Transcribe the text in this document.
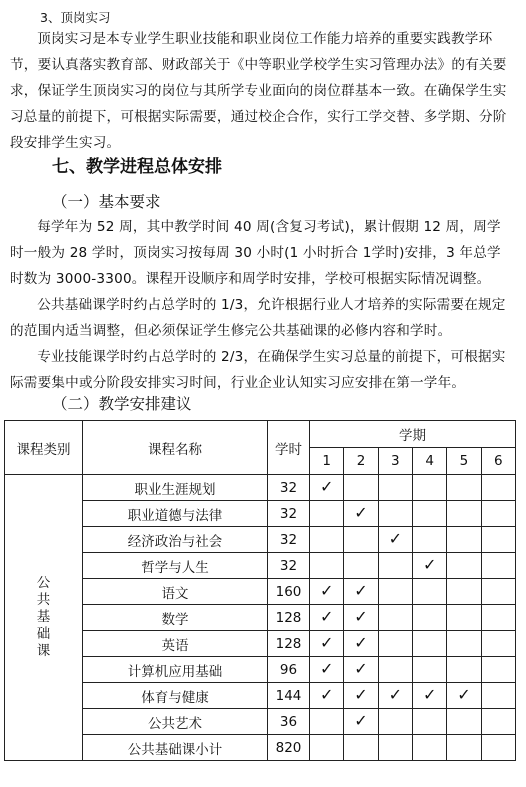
3、顶岗实习

顶岗实习是本专业学生职业技能和职业岗位工作能力培养的重要实践教学环节，要认真落实教育部、财政部关于《中等职业学校学生实习管理办法》的有关要求，保证学生顶岗实习的岗位与其所学专业面向的岗位群基本一致。在确保学生实习总量的前提下，可根据实际需要，通过校企合作，实行工学交替、多学期、分阶段安排学生实习。

七、教学进程总体安排
（一）基本要求

每学年为 52 周，其中教学时间 40 周(含复习考试)，累计假期 12 周，周学时一般为 28 学时，顶岗实习按每周 30 小时(1 小时折合 1学时)安排，3 年总学时数为 3000-3300。课程开设顺序和周学时安排，学校可根据实际情况调整。

公共基础课学时约占总学时的 1/3，允许根据行业人才培养的实际需要在规定的范围内适当调整，但必须保证学生修完公共基础课的必修内容和学时。

专业技能课学时约占总学时的 2/3，在确保学生实习总量的前提下，可根据实际需要集中或分阶段安排实习时间，行业企业认知实习应安排在第一学年。

（二）教学安排建议
课程类别	课程名称	学时	学期					
			1	2	3	4	5	6
公共基础课	职业生涯规划	32	✓					
	职业道德与法律	32		✓				
	经济政治与社会	32			✓			
	哲学与人生	32				✓		
	语文	160	✓	✓				
	数学	128	✓	✓				
	英语	128	✓	✓				
	计算机应用基础	96	✓	✓				
	体育与健康	144	✓	✓	✓	✓	✓	
	公共艺术	36		✓				
	公共基础课小计	820						
